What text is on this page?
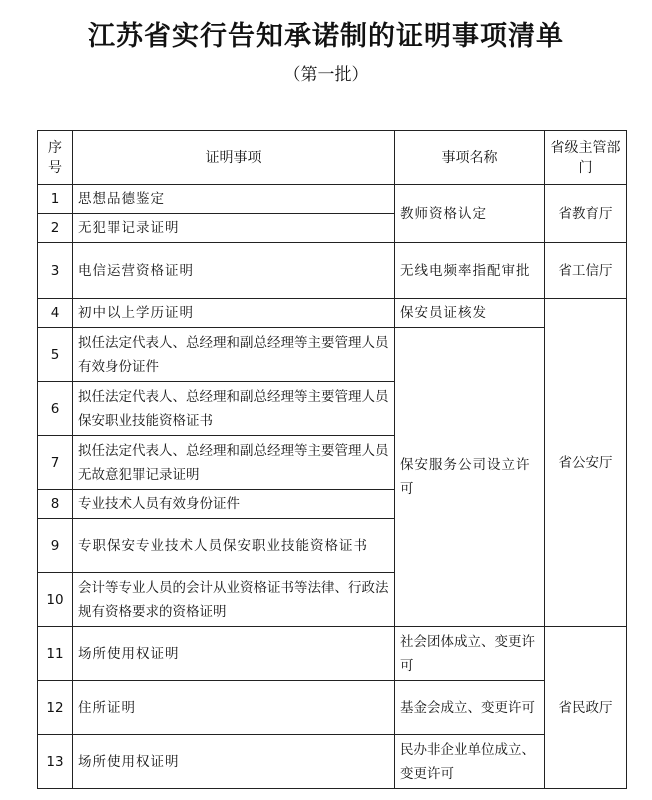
江苏省实行告知承诺制的证明事项清单
（第一批）
序号	证明事项	事项名称	省级主管部门
1	思想品德鉴定	教师资格认定	省教育厅
2	无犯罪记录证明		
3	电信运营资格证明	无线电频率指配审批	省工信厅
4	初中以上学历证明	保安员证核发	省公安厅
5	拟任法定代表人、总经理和副总经理等主要管理人员有效身份证件	保安服务公司设立许可	
6	拟任法定代表人、总经理和副总经理等主要管理人员保安职业技能资格证书		
7	拟任法定代表人、总经理和副总经理等主要管理人员无故意犯罪记录证明		
8	专业技术人员有效身份证件		
9	专职保安专业技术人员保安职业技能资格证书		
10	会计等专业人员的会计从业资格证书等法律、行政法规有资格要求的资格证明		
11	场所使用权证明	社会团体成立、变更许可	省民政厅
12	住所证明	基金会成立、变更许可	
13	场所使用权证明	民办非企业单位成立、变更许可	
